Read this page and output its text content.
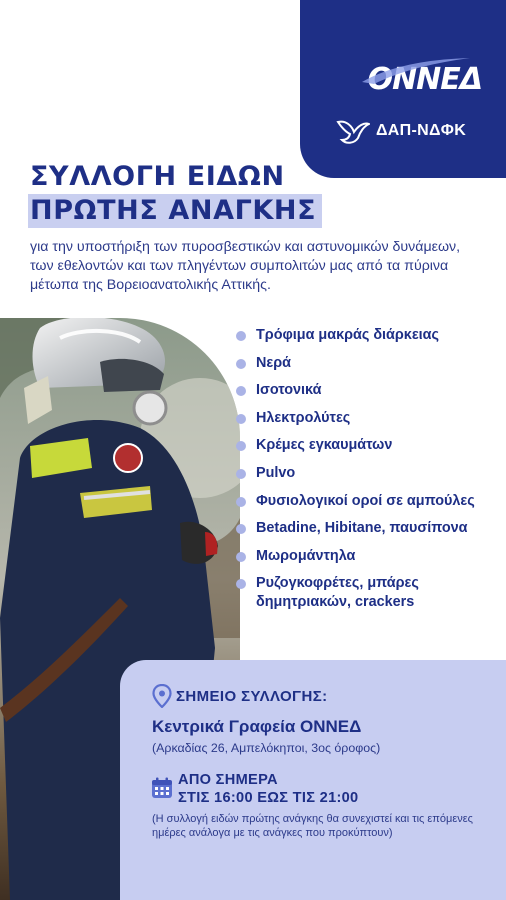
ΟΝΝΕΔ
ΔΑΠ-ΝΔΦΚ
ΣΥΛΛΟΓΗ ΕΙΔΩΝ
ΠΡΩΤΗΣ ΑΝΑΓΚΗΣ

για την υποστήριξη των πυροσβεστικών και αστυνομικών δυνάμεων, των εθελοντών και των πληγέντων συμπολιτών μας από τα πύρινα μέτωπα της Βορειοανατολικής Αττικής.

Τρόφιμα μακράς διάρκειας
Νερά
Ισοτονικά
Ηλεκτρολύτες
Κρέμες εγκαυμάτων
Pulvo
Φυσιολογικοί οροί σε αμπούλες
Betadine, Hibitane, παυσίπονα
Μωρομάντηλα
Ρυζογκοφρέτες, μπάρες δημητριακών, crackers
ΣΗΜΕΙΟ ΣΥΛΛΟΓΗΣ:
Κεντρικά Γραφεία ΟΝΝΕΔ
(Αρκαδίας 26, Αμπελόκηποι, 3ος όροφος)
ΑΠΟ ΣΗΜΕΡΑ
ΣΤΙΣ 16:00 ΕΩΣ ΤΙΣ 21:00

(Η συλλογή ειδών πρώτης ανάγκης θα συνεχιστεί και τις επόμενες ημέρες ανάλογα με τις ανάγκες που προκύπτουν)
